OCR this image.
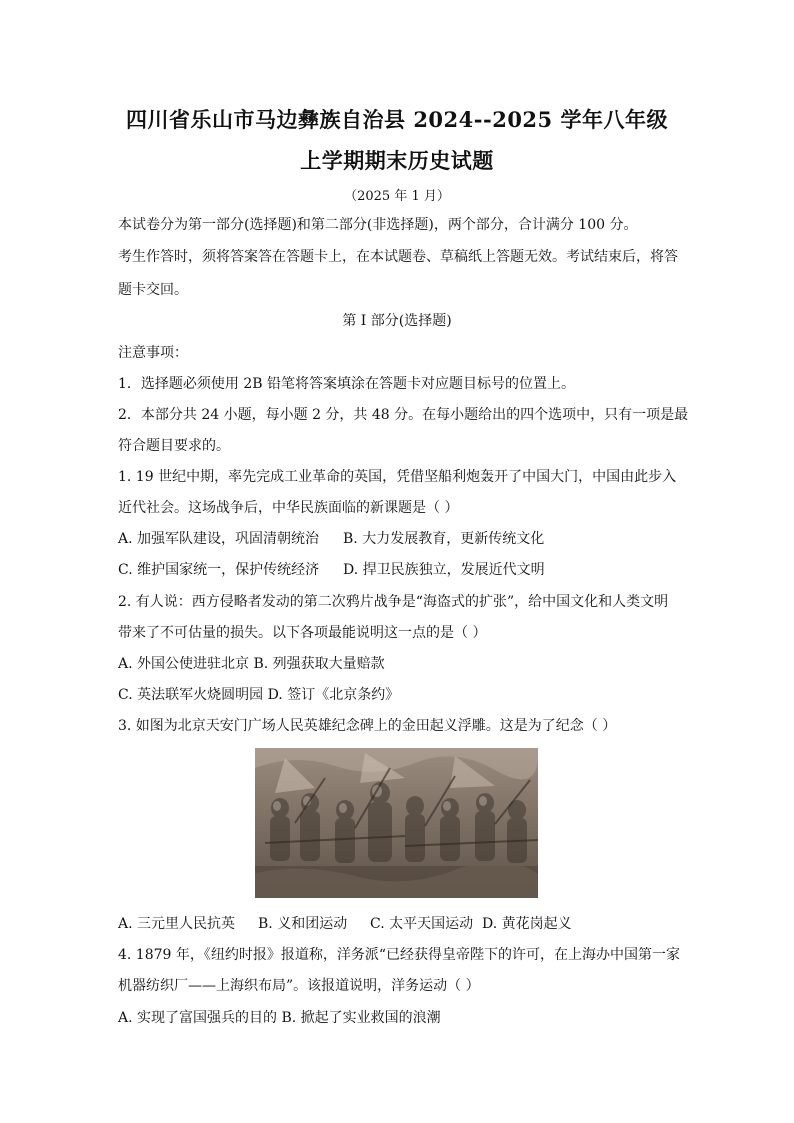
四川省乐山市马边彝族自治县 2024--2025 学年八年级
上学期期末历史试题
（2025 年 1 月）
本试卷分为第一部分(选择题)和第二部分(非选择题)，两个部分，合计满分 100 分。
考生作答时，须将答案答在答题卡上，在本试题卷、草稿纸上答题无效。考试结束后，将答
题卡交回。
第 I 部分(选择题)
注意事项：
1．选择题必须使用 2B 铅笔将答案填涂在答题卡对应题目标号的位置上。
2．本部分共 24 小题，每小题 2 分，共 48 分。在每小题给出的四个选项中，只有一项是最
符合题目要求的。
1. 19 世纪中期，率先完成工业革命的英国，凭借坚船利炮轰开了中国大门，中国由此步入
近代社会。这场战争后，中华民族面临的新课题是（ ）
A. 加强军队建设，巩固清朝统治 B. 大力发展教育，更新传统文化
C. 维护国家统一，保护传统经济 D. 捍卫民族独立，发展近代文明
2. 有人说：西方侵略者发动的第二次鸦片战争是“海盗式的扩张”，给中国文化和人类文明
带来了不可估量的损失。以下各项最能说明这一点的是（ ）
A. 外国公使进驻北京 B. 列强获取大量赔款
C. 英法联军火烧圆明园 D. 签订《北京条约》
3. 如图为北京天安门广场人民英雄纪念碑上的金田起义浮雕。这是为了纪念（ ）
A. 三元里人民抗英 B. 义和团运动 C. 太平天国运动 D. 黄花岗起义
4. 1879 年，《纽约时报》报道称，洋务派“已经获得皇帝陛下的许可，在上海办中国第一家
机器纺织厂——上海织布局”。该报道说明，洋务运动（ ）
A. 实现了富国强兵的目的 B. 掀起了实业救国的浪潮
